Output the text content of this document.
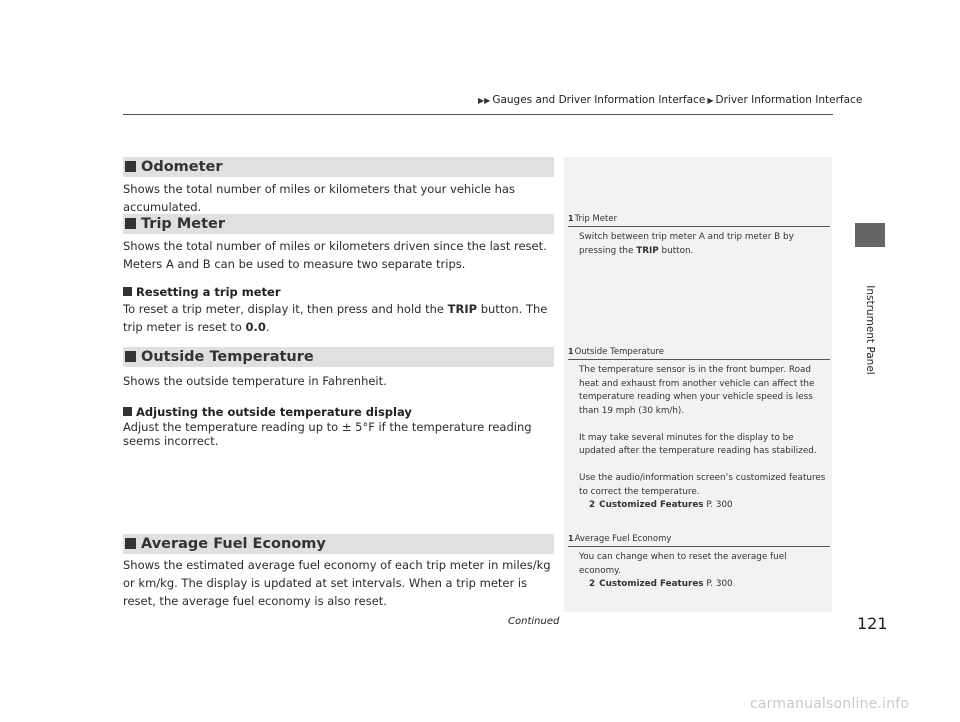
▶▶ Gauges and Driver Information Interface ▶ Driver Information Interface
Instrument Panel
Odometer
Shows the total number of miles or kilometers that your vehicle has accumulated.
Trip Meter
Shows the total number of miles or kilometers driven since the last reset. Meters A and B can be used to measure two separate trips.
Resetting a trip meter
To reset a trip meter, display it, then press and hold the TRIP button. The trip meter is reset to 0.0.
Outside Temperature
Shows the outside temperature in Fahrenheit.
Adjusting the outside temperature display
Adjust the temperature reading up to ± 5°F if the temperature reading seems incorrect.
Average Fuel Economy
Shows the estimated average fuel economy of each trip meter in miles/kg or km/kg. The display is updated at set intervals. When a trip meter is reset, the average fuel economy is also reset.
1Trip Meter
Switch between trip meter A and trip meter B by pressing the TRIP button.
1Outside Temperature

The temperature sensor is in the front bumper. Road heat and exhaust from another vehicle can affect the temperature reading when your vehicle speed is less than 19 mph (30 km/h).

It may take several minutes for the display to be updated after the temperature reading has stabilized.

Use the audio/information screen’s customized features to correct the temperature.
2 Customized Features P. 300

1Average Fuel Economy

You can change when to reset the average fuel economy.
2 Customized Features P. 300

Continued	121
carmanualsonline.info
